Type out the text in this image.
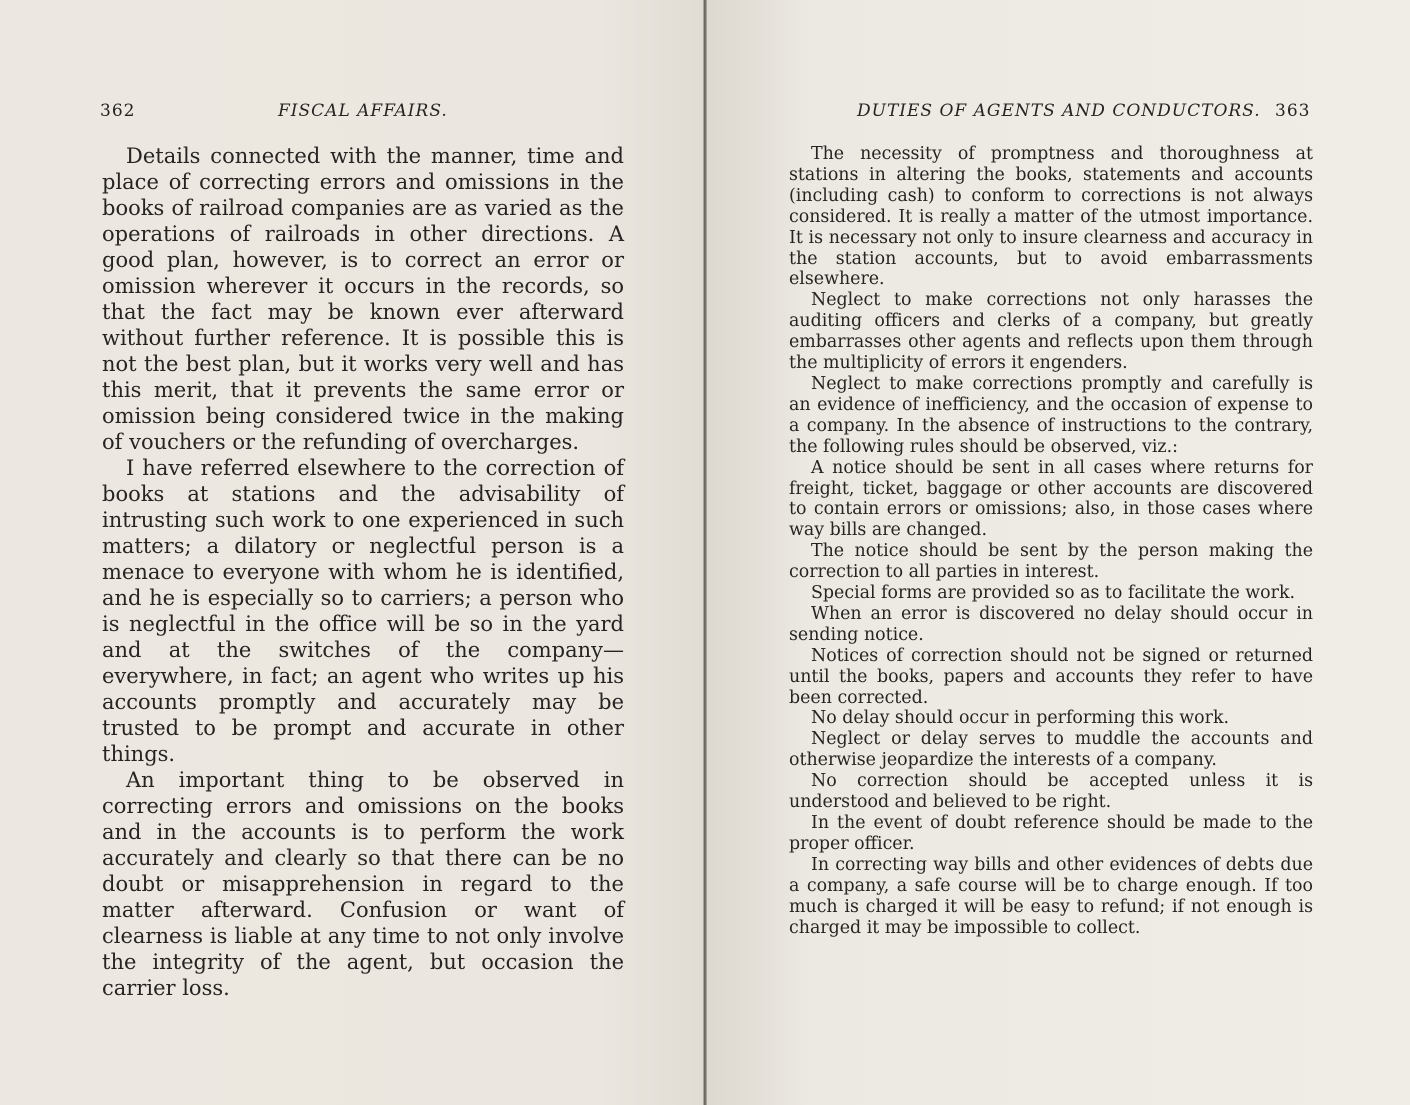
362	FISCAL AFFAIRS.

Details connected with the manner, time and place of correcting errors and omissions in the books of railroad companies are as varied as the operations of railroads in other directions. A good plan, however, is to correct an error or omission wherever it occurs in the records, so that the fact may be known ever afterward without further reference. It is possible this is not the best plan, but it works very well and has this merit, that it prevents the same error or omission being considered twice in the making of vouchers or the refunding of overcharges.

I have referred elsewhere to the correction of books at stations and the advisability of intrusting such work to one experienced in such matters; a dilatory or neglectful person is a menace to everyone with whom he is identified, and he is especially so to carriers; a person who is neglectful in the office will be so in the yard and at the switches of the company—everywhere, in fact; an agent who writes up his accounts promptly and accurately may be trusted to be prompt and accurate in other things.

An important thing to be observed in correcting errors and omissions on the books and in the accounts is to perform the work accurately and clearly so that there can be no doubt or misapprehension in regard to the matter afterward. Confusion or want of clearness is liable at any time to not only involve the integrity of the agent, but occasion the carrier loss.

DUTIES OF AGENTS AND CONDUCTORS. 363

The necessity of promptness and thoroughness at stations in altering the books, statements and accounts (including cash) to conform to corrections is not always considered. It is really a matter of the utmost importance. It is necessary not only to insure clearness and accuracy in the station accounts, but to avoid embarrassments elsewhere.

Neglect to make corrections not only harasses the auditing officers and clerks of a company, but greatly embarrasses other agents and reflects upon them through the multiplicity of errors it engenders.

Neglect to make corrections promptly and carefully is an evidence of inefficiency, and the occasion of expense to a company. In the absence of instructions to the contrary, the following rules should be observed, viz.:

A notice should be sent in all cases where returns for freight, ticket, baggage or other accounts are discovered to contain errors or omissions; also, in those cases where way bills are changed.

The notice should be sent by the person making the correction to all parties in interest.

Special forms are provided so as to facilitate the work.

When an error is discovered no delay should occur in sending notice.

Notices of correction should not be signed or returned until the books, papers and accounts they refer to have been corrected.

No delay should occur in performing this work.

Neglect or delay serves to muddle the accounts and otherwise jeopardize the interests of a company.

No correction should be accepted unless it is understood and believed to be right.

In the event of doubt reference should be made to the proper officer.

In correcting way bills and other evidences of debts due a company, a safe course will be to charge enough. If too much is charged it will be easy to refund; if not enough is charged it may be impossible to collect.
